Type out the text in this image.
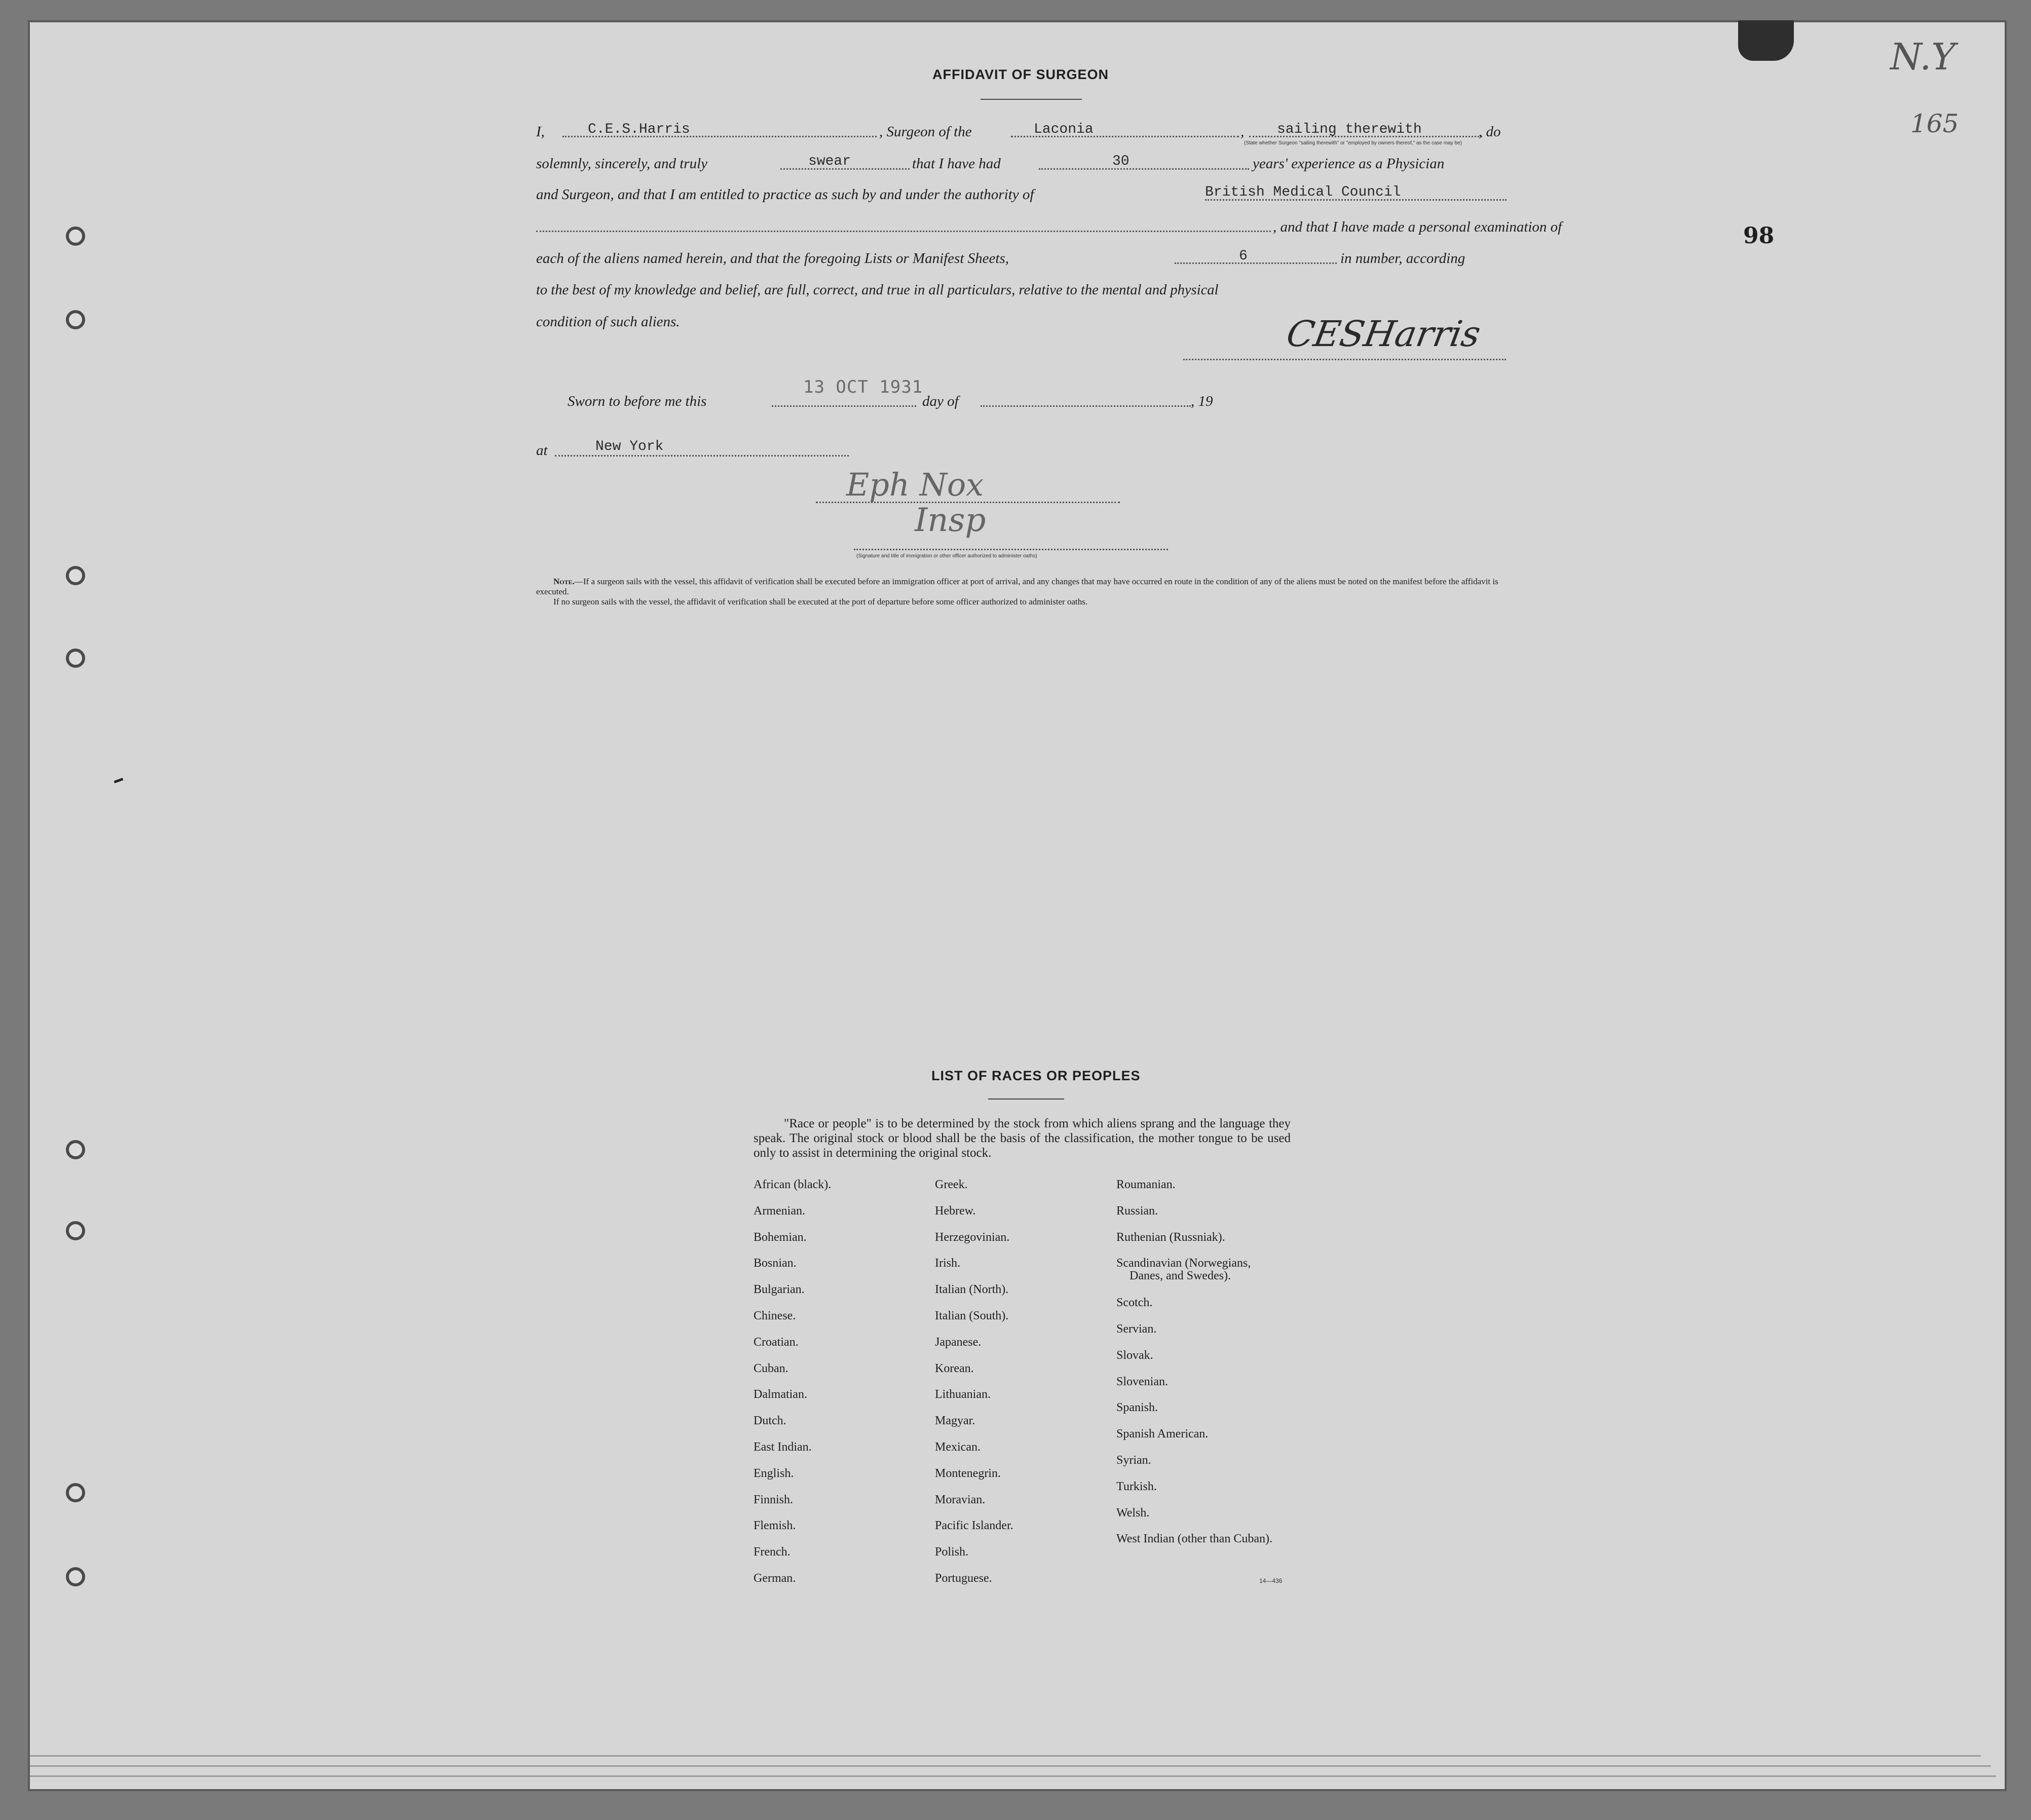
N.Y
165
98
AFFIDAVIT OF SURGEON
I,	C.E.S.Harris	, Surgeon of the	Laconia	, sailing therewith	, do
(State whether Surgeon "sailing therewith" or "employed by owners thereof," as the case may be)
solemnly, sincerely, and truly	swear	that I have had	30	years' experience as a Physician
and Surgeon, and that I am entitled to practice as such by and under the authority of	British Medical Council
, and that I have made a personal examination of
each of the aliens named herein, and that the foregoing Lists or Manifest Sheets,	6	in number, according
to the best of my knowledge and belief, are full, correct, and true in all particulars, relative to the mental and physical
condition of such aliens.	CESHarris
Sworn to before me this
13 OCT 1931
day of	, 19
at	New York
Eph Nox
Insp
(Signature and title of immigration or other officer authorized to administer oaths)
Note.—If a surgeon sails with the vessel, this affidavit of verification shall be executed before an immigration officer at port of arrival, and any changes that may have occurred en route in the condition of any of the aliens must be noted on the manifest before the affidavit is executed.
If no surgeon sails with the vessel, the affidavit of verification shall be executed at the port of departure before some officer authorized to administer oaths.
LIST OF RACES OR PEOPLES
"Race or people" is to be determined by the stock from which aliens sprang and the language they speak. The original stock or blood shall be the basis of the classification, the mother tongue to be used only to assist in determining the original stock.
African (black).
Armenian.
Bohemian.
Bosnian.
Bulgarian.
Chinese.
Croatian.
Cuban.
Dalmatian.
Dutch.
East Indian.
English.
Finnish.
Flemish.
French.
German.
Greek.
Hebrew.
Herzegovinian.
Irish.
Italian (North).
Italian (South).
Japanese.
Korean.
Lithuanian.
Magyar.
Mexican.
Montenegrin.
Moravian.
Pacific Islander.
Polish.
Portuguese.
Roumanian.
Russian.
Ruthenian (Russniak).
Scandinavian (Norwegians,
Danes, and Swedes).
Scotch.
Servian.
Slovak.
Slovenian.
Spanish.
Spanish American.
Syrian.
Turkish.
Welsh.
West Indian (other than Cuban).
14—436
